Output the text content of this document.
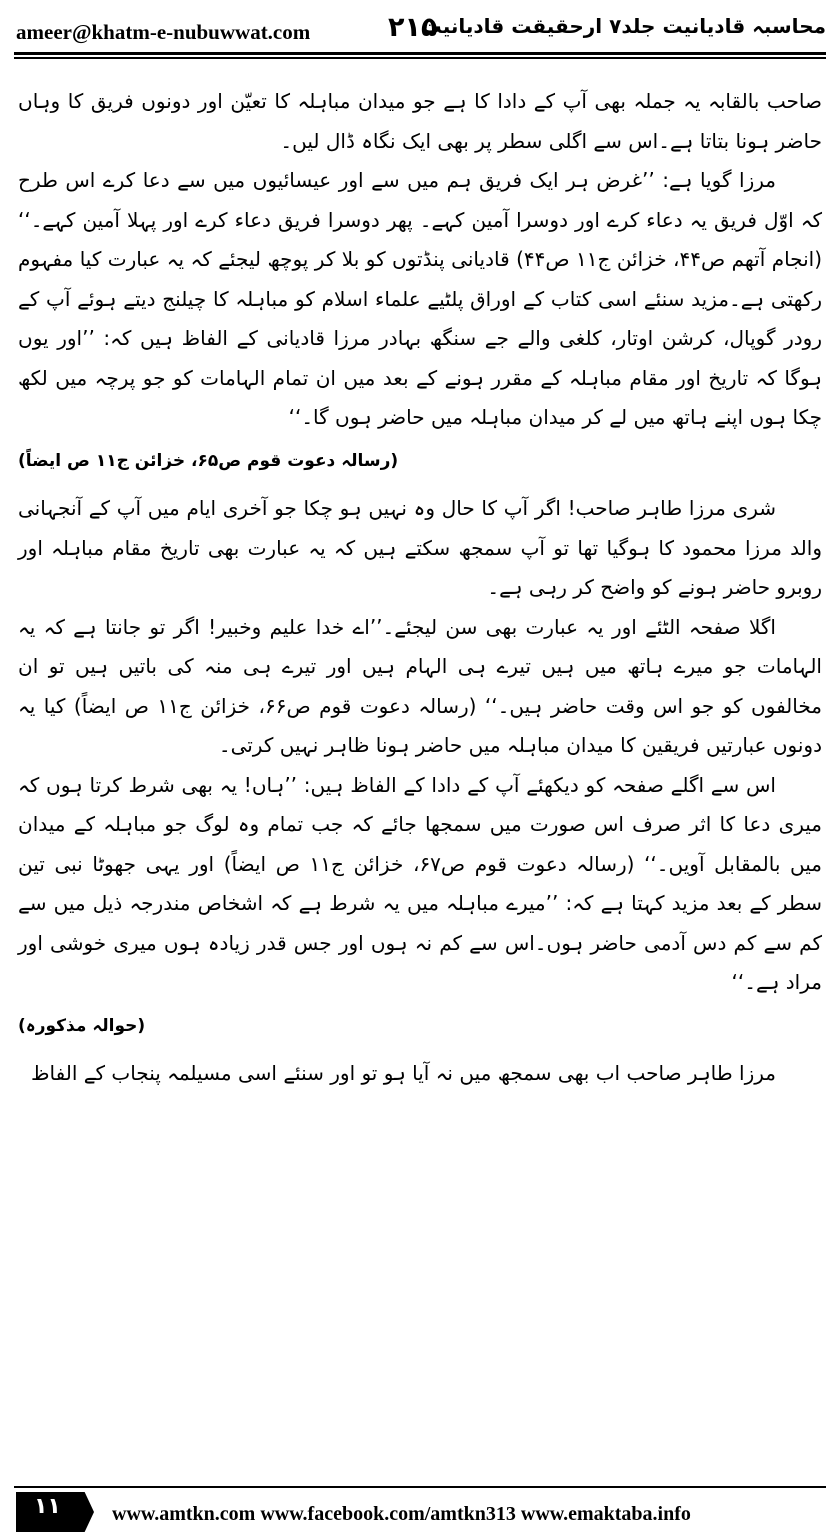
ameer@khatm-e-nubuwwat.com	۲۱۵
محاسبہ قادیانیت جلد۷ ارحقیقت قادیانیت

صاحب بالقابہ یہ جملہ بھی آپ کے دادا کا ہے جو میدان مباہلہ کا تعیّن اور دونوں فریق کا وہاں حاضر ہونا بتاتا ہے۔اس سے اگلی سطر پر بھی ایک نگاہ ڈال لیں۔

مرزا گویا ہے: ’’غرض ہر ایک فریق ہم میں سے اور عیسائیوں میں سے دعا کرے اس طرح کہ اوّل فریق یہ دعاء کرے اور دوسرا آمین کہے۔ پھر دوسرا فریق دعاء کرے اور پہلا آمین کہے۔‘‘ (انجام آتھم ص۴۴، خزائن ج۱۱ ص۴۴) قادیانی پنڈتوں کو بلا کر پوچھ لیجئے کہ یہ عبارت کیا مفہوم رکھتی ہے۔مزید سنئے اسی کتاب کے اوراق پلٹیے علماء اسلام کو مباہلہ کا چیلنج دیتے ہوئے آپ کے رودر گوپال، کرشن اوتار، کلغی والے جے سنگھ بہادر مرزا قادیانی کے الفاظ ہیں کہ: ’’اور یوں ہوگا کہ تاریخ اور مقام مباہلہ کے مقرر ہونے کے بعد میں ان تمام الہامات کو جو پرچہ میں لکھ چکا ہوں اپنے ہاتھ میں لے کر میدان مباہلہ میں حاضر ہوں گا۔‘‘

(رسالہ دعوت قوم ص۶۵، خزائن ج۱۱ ص ایضاً)

شری مرزا طاہر صاحب! اگر آپ کا حال وہ نہیں ہو چکا جو آخری ایام میں آپ کے آنجہانی والد مرزا محمود کا ہوگیا تھا تو آپ سمجھ سکتے ہیں کہ یہ عبارت بھی تاریخ مقام مباہلہ اور روبرو حاضر ہونے کو واضح کر رہی ہے۔

اگلا صفحہ الٹئے اور یہ عبارت بھی سن لیجئے۔’’اے خدا علیم وخبیر! اگر تو جانتا ہے کہ یہ الہامات جو میرے ہاتھ میں ہیں تیرے ہی الہام ہیں اور تیرے ہی منہ کی باتیں ہیں تو ان مخالفوں کو جو اس وقت حاضر ہیں۔‘‘ (رسالہ دعوت قوم ص۶۶، خزائن ج۱۱ ص ایضاً) کیا یہ دونوں عبارتیں فریقین کا میدان مباہلہ میں حاضر ہونا ظاہر نہیں کرتی۔

اس سے اگلے صفحہ کو دیکھئے آپ کے دادا کے الفاظ ہیں: ’’ہاں! یہ بھی شرط کرتا ہوں کہ میری دعا کا اثر صرف اس صورت میں سمجھا جائے کہ جب تمام وہ لوگ جو مباہلہ کے میدان میں بالمقابل آویں۔‘‘ (رسالہ دعوت قوم ص۶۷، خزائن ج۱۱ ص ایضاً) اور یہی جھوٹا نبی تین سطر کے بعد مزید کہتا ہے کہ: ’’میرے مباہلہ میں یہ شرط ہے کہ اشخاص مندرجہ ذیل میں سے کم سے کم دس آدمی حاضر ہوں۔اس سے کم نہ ہوں اور جس قدر زیادہ ہوں میری خوشی اور مراد ہے۔‘‘

(حوالہ مذکورہ)

مرزا طاہر صاحب اب بھی سمجھ میں نہ آیا ہو تو اور سنئے اسی مسیلمہ پنجاب کے الفاظ

۱۱	www.amtkn.com www.facebook.com/amtkn313 www.emaktaba.info
